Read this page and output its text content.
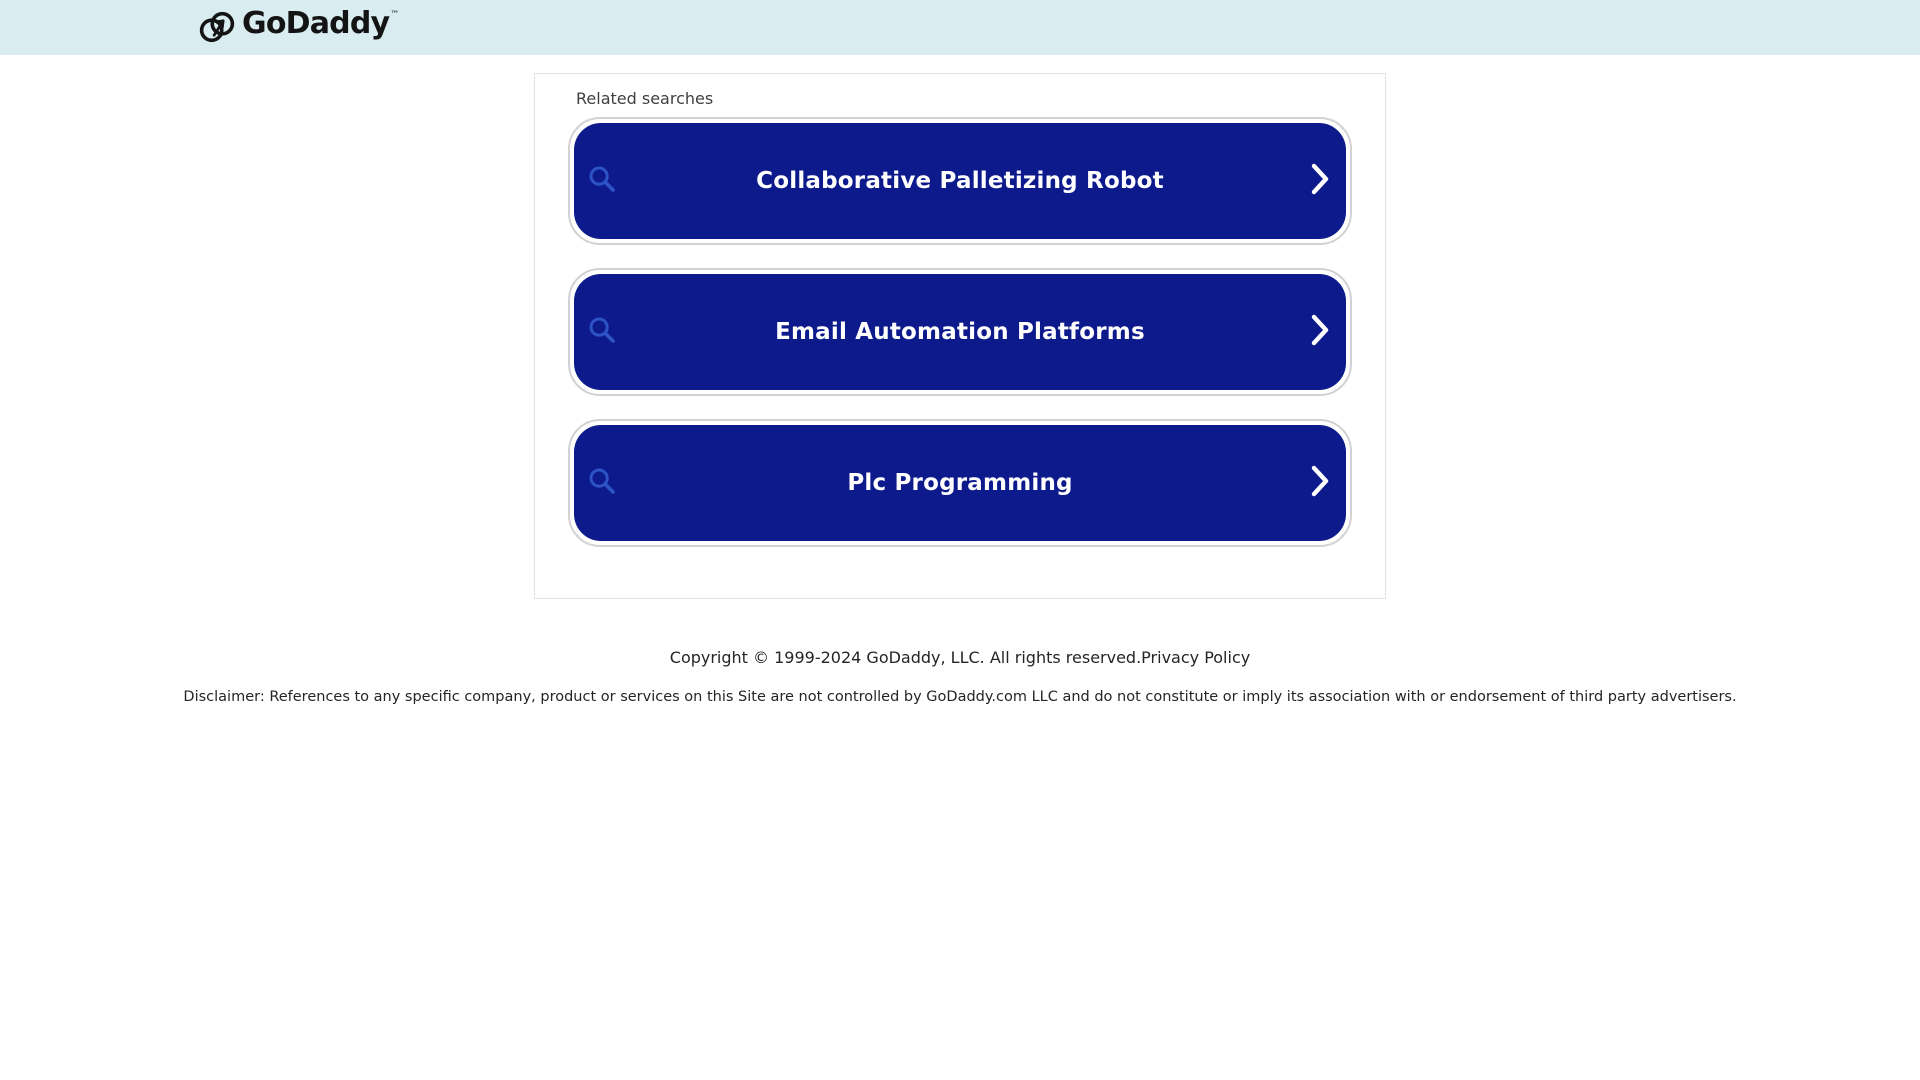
GoDaddy ™

Related searches

Collaborative Palletizing Robot
Email Automation Platforms
Plc Programming
Copyright © 1999-2024 GoDaddy, LLC. All rights reserved.Privacy Policy
Disclaimer: References to any specific company, product or services on this Site are not controlled by GoDaddy.com LLC and do not constitute or imply its association with or endorsement of third party advertisers.
